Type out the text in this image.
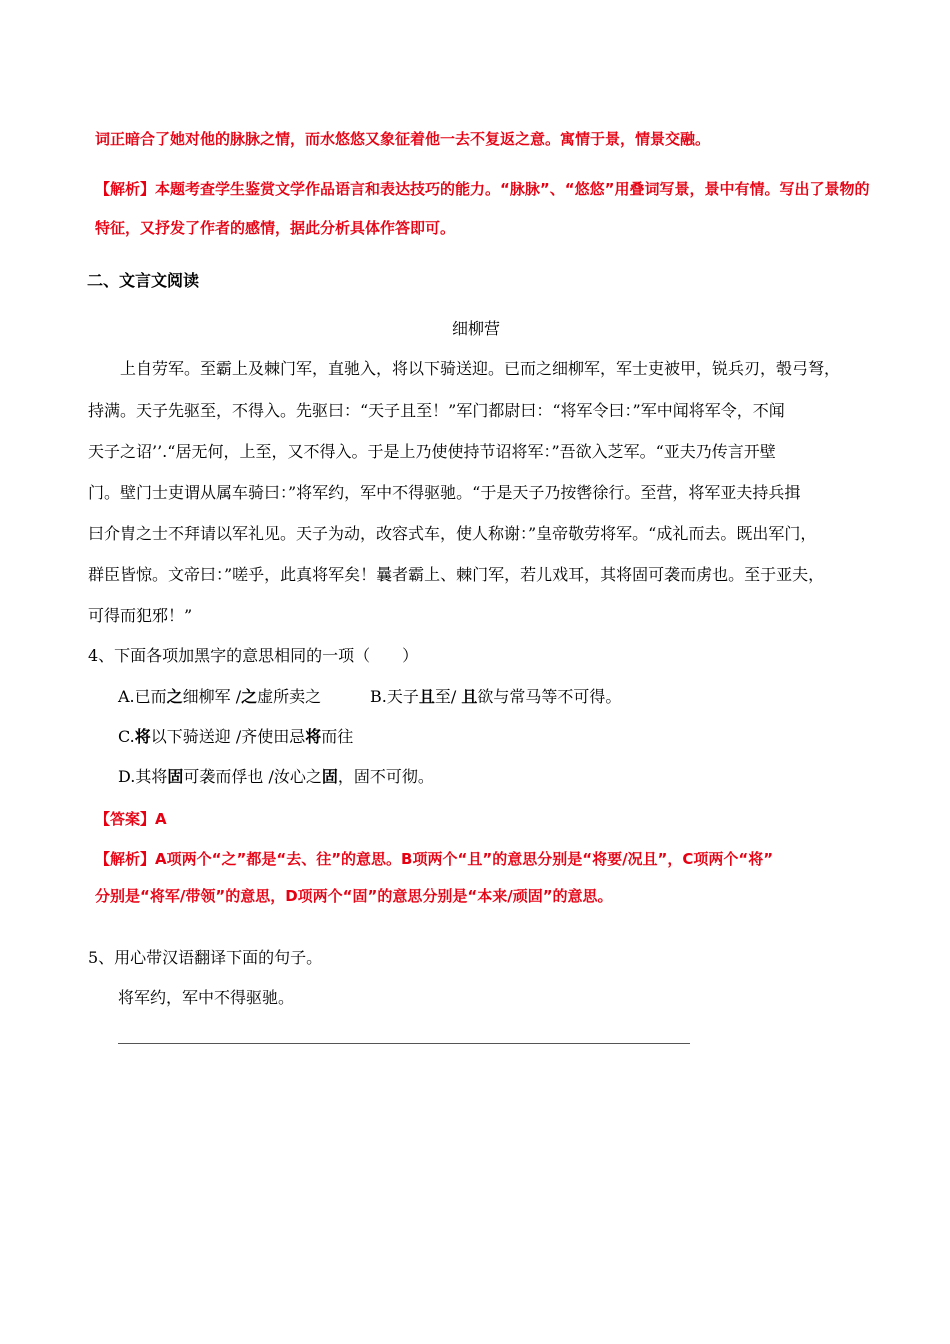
词正暗合了她对他的脉脉之情，而水悠悠又象征着他一去不复返之意。寓情于景，情景交融。
【解析】本题考查学生鉴赏文学作品语言和表达技巧的能力。“脉脉”、“悠悠”用叠词写景，景中有情。写出了景物的
特征，又抒发了作者的感情，据此分析具体作答即可。
二、文言文阅读
细柳营
上自劳军。至霸上及棘门军，直驰入，将以下骑送迎。已而之细柳军，军士吏被甲，锐兵刃，彀弓弩，
持满。天子先驱至，不得入。先驱曰：“天子且至！”军门都尉曰：“将军令曰：”军中闻将军令，不闻
天子之诏’’.“居无何，上至，又不得入。于是上乃使使持节诏将军：”吾欲入芝军。“亚夫乃传言开壁
门。壁门士吏谓从属车骑曰：”将军约，军中不得驱驰。“于是天子乃按辔徐行。至营，将军亚夫持兵揖
曰介胄之士不拜请以军礼见。天子为动，改容式车，使人称谢：”皇帝敬劳将军。“成礼而去。既出军门，
群臣皆惊。文帝曰：”嗟乎，此真将军矣！曩者霸上、棘门军，若儿戏耳，其将固可袭而虏也。至于亚夫，
可得而犯邪！”
4、下面各项加黑字的意思相同的一项（　　）
A.已而之细柳军 /之虚所卖之	B.天子且至/ 且欲与常马等不可得。
C.将以下骑送迎 /齐使田忌将而往
D.其将固可袭而俘也 /汝心之固，固不可彻。
【答案】A
【解析】A项两个“之”都是“去、往”的意思。B项两个“且”的意思分别是“将要/况且”，C项两个“将”
分别是“将军/带领”的意思，D项两个“固”的意思分别是“本来/顽固”的意思。
5、用心带汉语翻译下面的句子。
将军约，军中不得驱驰。
